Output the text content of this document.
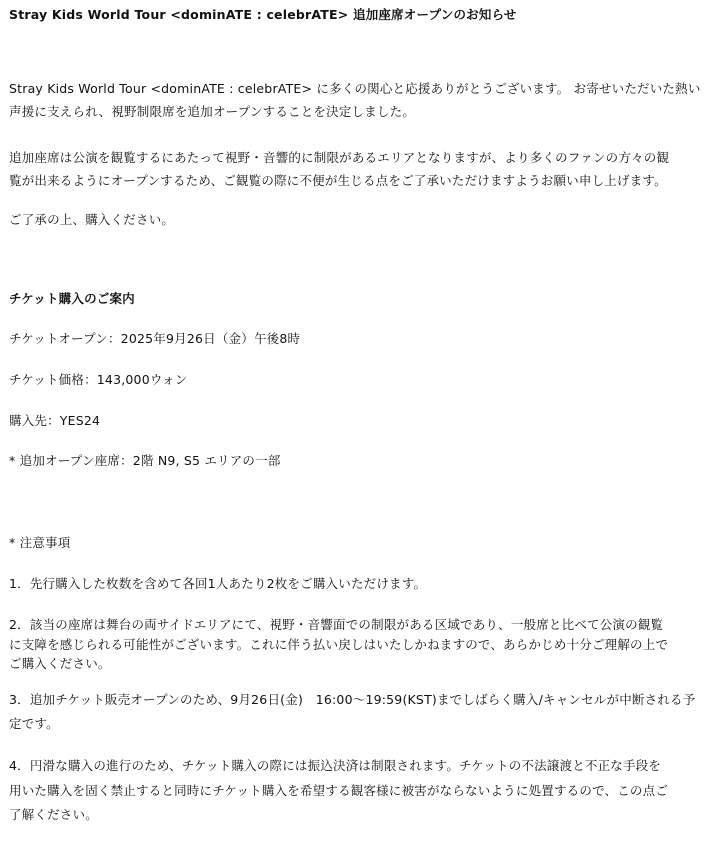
Stray Kids World Tour <dominATE : celebrATE> 追加座席オープンのお知らせ
Stray Kids World Tour <dominATE : celebrATE> に多くの関心と応援ありがとうございます。 お寄せいただいた熱い
声援に支えられ、視野制限席を追加オープンすることを決定しました。
追加座席は公演を観覧するにあたって視野・音響的に制限があるエリアとなりますが、より多くのファンの方々の観
覧が出来るようにオープンするため、ご観覧の際に不便が生じる点をご了承いただけますようお願い申し上げます。
ご了承の上、購入ください。
チケット購入のご案内
チケットオープン：2025年9月26日（金）午後8時
チケット価格：143,000ウォン
購入先：YES24
* 追加オープン座席：2階 N9, S5 エリアの一部
* 注意事項
1．先行購入した枚数を含めて各回1人あたり2枚をご購入いただけます。
2．該当の座席は舞台の両サイドエリアにて、視野・音響面での制限がある区域であり、一般席と比べて公演の観覧
に支障を感じられる可能性がございます。これに伴う払い戻しはいたしかねますので、あらかじめ十分ご理解の上で
ご購入ください。
3．追加チケット販売オープンのため、9月26日(金)　16:00〜19:59(KST)までしばらく購入/キャンセルが中断される予
定です。
4．円滑な購入の進行のため、チケット購入の際には振込決済は制限されます。チケットの不法譲渡と不正な手段を
用いた購入を固く禁止すると同時にチケット購入を希望する観客様に被害がならないように処置するので、この点ご
了解ください。
